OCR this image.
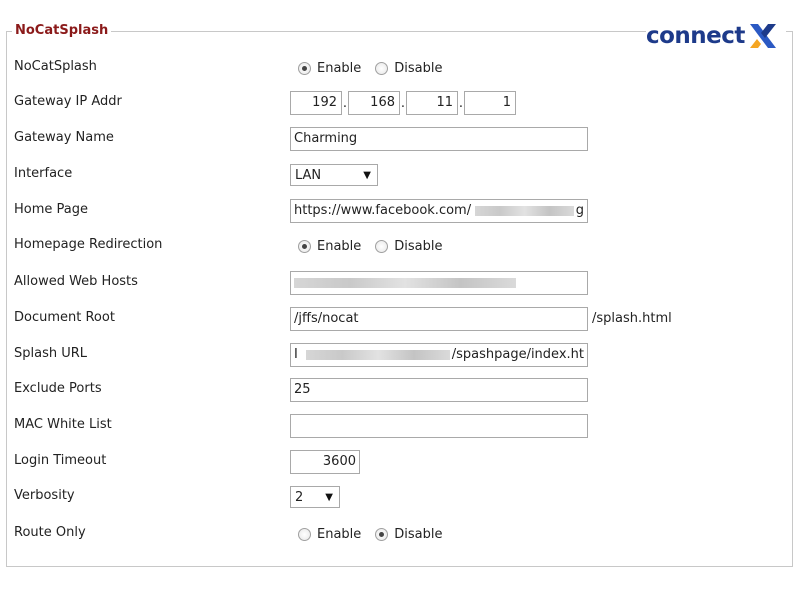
NoCatSplash	connect
NoCatSplash	Enable	Disable
Gateway IP Addr	192 .	168 .	11 .	1
Gateway Name	Charming
Interface	LAN	▼
Home Page	https://www.facebook.com/	g
Homepage Redirection	Enable	Disable
Allowed Web Hosts
Document Root	/jffs/nocat	/splash.html
Splash URL	I	/spashpage/index.ht
Exclude Ports	25
MAC White List
Login Timeout	3600
Verbosity	2 ▼
Route Only	Enable	Disable
